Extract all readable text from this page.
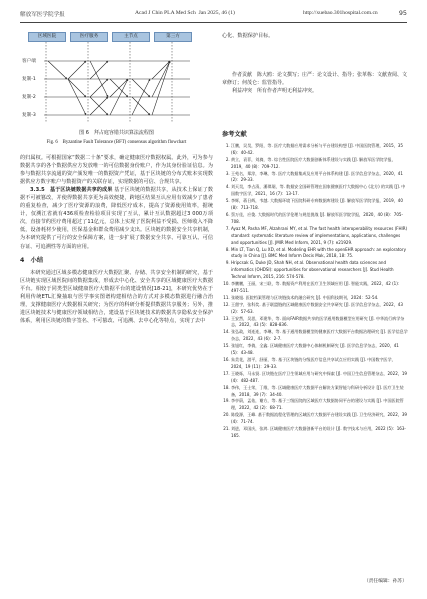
解放军医学院学报	Acad J Chin PLA Med Sch Jan 2025, 46 (1)	http://xuebao.301hospital.com.cn	95
区域医院	医疗服务	主节点	第三方
客户端
复制-1
复制-2
复制-3
图 6　拜占庭容错共识算法流程图
Fig. 6　Byzantine Fault Tolerance (BFT) consensus algorithm flowchart

的归属权。可根据国家“数据二十条”要求，确定健康医疗数据权属。此外，可为参与数据共享的各个数据供应方发放唯一的可信数据身份账户，作为其身份验证信息。为参与数据共享流通的资产颁发唯一的数据资产凭证，基于区块链的分布式账本实现数据供应方数字账户与数据资产的关联存证，实现数据的可信、合规共享。

3.3.5　基于区块链数据共享的成果 基于区块链的数据共享，从技术上保证了数据不可被篡改，并使得数据共享更为高效便捷，跨地区结果互认应用有效减少了患者的重复检查，减少了医疗资源的浪费，降低医疗成本，提高了资源使用效率，据统计，仅溯江省就有436项检查检验项目实现了互认，累计互认数据超过3 000万项次，直接节约医疗费用超过了11亿元，总体上实现了医院利益不受损、医师收入不降低，设备耗材少使用，医保基金和群众费用减少支出。区块链的数据安全共享机制，为本研究提供了可行的安全保障方案，进一步扩展了数据安全共享、可靠互认、可信存证、可追溯性等方面的应用。

4　小结

本研究通过区域多模态健康医疗大数据汇聚、存储、共享安全机制的研究，基于区块链实现区域医院间的数据集成，形成去中心化、安全共享的区域健康医疗大数据平台。相较于同类型区域健康医疗大数据平台的建设情况[18-21]，本研究优势在于利用传统ETL汇聚抽取与医学事实图谱构建相结合的方式对多模态数据进行融合治理，支撑健康医疗大数据相关研究；为医疗的科研分析提供数据共享服务；另外，推进区块链技术与健康医疗领域相结合，建设基于区块链技术的数据共享隐私安全保护体系，利用区块链的数字签名、不可篡改、可追溯、去中心化等特点，实现了去中

心化、数据保护目标。

作者贡献　陈大鸥：论文撰写；庄严：论文设计、指导；张革栋：文献查阅、文章修订；何茂仑：监管指导。

利益冲突　所有作者声明无利益冲突。

参考文献
1. 江鹏，吴昊，罗阳，等. 医疗大数据应用需求分析与平台建设构想 [J]. 中国医院管理，2015，35 (6)：40-42.
2. 黄立，袁菲，刘旖，等. 综合性医院医疗大数据创新体系建设与实践 [J]. 解放军医学院学报，2019，40 (8)：709-712.
3. 王苑名，郑淳，李琳，等. 医疗大数据集成及应用平台体系构建 [J]. 医学信息学杂志，2020，41 (2)：29-33.
4. 刘天昊，李占清，潘琪琚，等. 数据安全国研管理在国家健康医疗大数据中心 (北方) 的实践 [J]. 中国数字医学，2021，16 (7)：13-17.
5. 李辉，蒋日辉，韦越. 大数据环境下医院科研专病数据库建设 [J]. 解放军医学院学报，2019，40 (8)：713-718.
6. 蔡万佳，应俊. 大数据时代的医学伦理与规范挑战 [J]. 解放军医学院学报，2020，40 (8)：705-708.
7. Ayaz M, Pasha MF, Alzahrani MY, et al. The fast health interoperability resources (FHIR) standard: systematic literature review of implementations, applications, challenges and opportunities [J]. JMIR Med Inform, 2021, 9 (7): e21929.
8. Min LT, Tian Q, Lu XD, et al. Modeling EHR with the openEHR approach: an exploratory study in China [J]. BMC Med Inform Decis Mak, 2018, 18: 75.
9. Hripcsak G, Duke JD, Shah NH, et al. Observational health data sciences and informatics (OHDSI): opportunities for observational researchers [J]. Stud Health Technol Inform, 2015, 216: 574-578.
10. 李鹏鹏，王丽，宋三联，等. 数据资产利用在医疗卫生领域应用 [J]. 智能实践，2022，42 (1)：497-511.
11. 张晓旭. 医院档案管理与区块链技术的融合研究 [J]. 中国科技期刊，2024：52-54.
12. 王甜宇，张科奖. 基于联盟链的区域健康医疗数据安全共享研究 [J]. 医学信息学杂志，2022，43 (2)：57-63.
13. 王安然，吴思，邓建华，等. 面向FAIR数据共享的医学通用数据模型应用研究 [J]. 中华流行病学杂志，2022，43 (5)：828-836.
14. 张弘政，刘连连，李琳，等. 基于通用数据模型的健康医疗大数据平台数据治理研究 [J]. 医学信息学杂志，2022，43 (6)：2-7.
15. 张旭红，李倩，全鑫. 区域健康医疗大数据中心体制机制研究 [J]. 医学信息学杂志，2020，41 (5)：43-48.
16. 朱美花，游平，舒丽，等. 基于区块链的分级医疗信息共享试点应用实践 [J]. 中国数字医学，2024，19 (11)：29-33.
17. 王晓烁，马永贤. 区块链在医疗卫生领域应用与研究中探索 [J]. 中国卫生信息管理杂志，2022，19 (4)：482-487.
18. 李伟，王士荣，丁维，等. 区域健康医疗大数据平台解决方案智能与科研分析设计 [J]. 医疗卫生装备，2018，39 (7)：34-40.
19. 李亭蔚，孟佑，谢方，等. 基于三级医院的区域医疗大数据协同平台的建设与实践 [J]. 中国医院管理，2022，42 (2)：68-71.
20. 陈俊源，王峰. 基于数据流程化管理的区域医疗大数据平台建设实践 [J]. 卫生经济研究，2022，39 (4)：71-74.
21. 刘进，邓国庆，张鸿. 区域健康医疗大数据创新平台的设计 [J]. 数字技术与应用，2022 (5)：163-165.
（责任编辑：孙苏）
